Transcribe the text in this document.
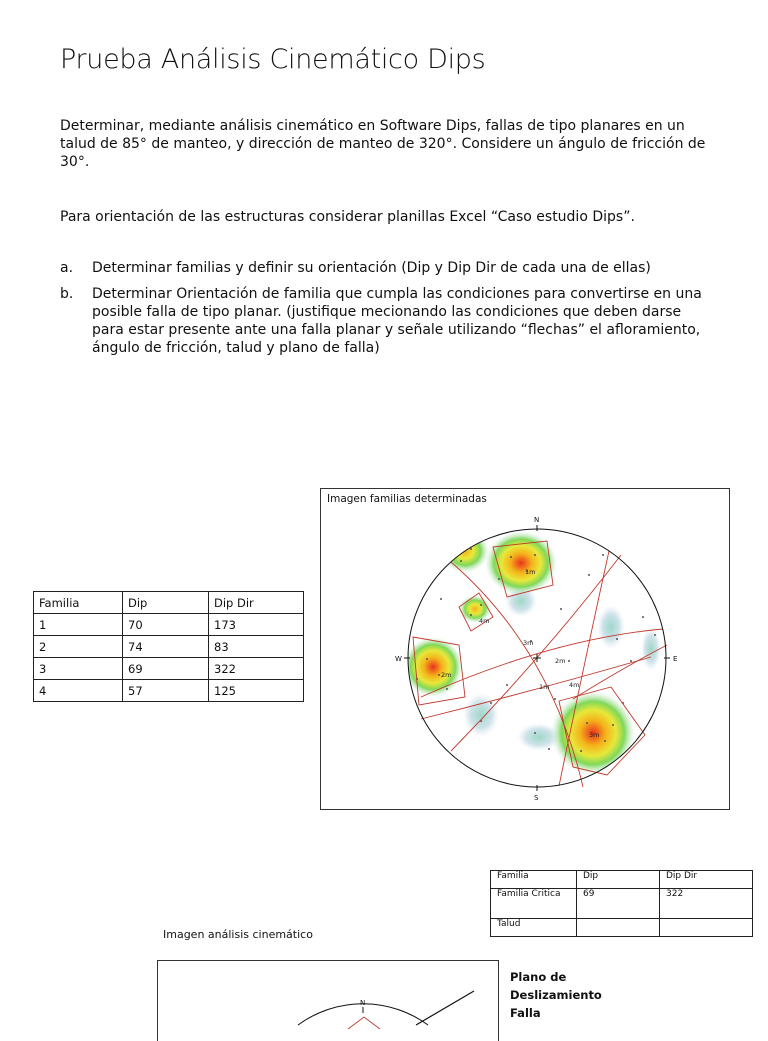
Prueba Análisis Cinemático Dips
Determinar, mediante análisis cinemático en Software Dips, fallas de tipo planares en un talud de 85° de manteo, y dirección de manteo de 320°. Considere un ángulo de fricción de 30°.
Para orientación de las estructuras considerar planillas Excel “Caso estudio Dips”.
a.	Determinar familias y definir su orientación (Dip y Dip Dir de cada una de ellas)
b.	Determinar Orientación de familia que cumpla las condiciones para convertirse en una posible falla de tipo planar. (justifique mecionando las condiciones que deben darse para estar presente ante una falla planar y señale utilizando “flechas” el afloramiento, ángulo de fricción, talud y plano de falla)
Familia	Dip	Dip Dir
1	70	173
2	74	83
3	69	322
4	57	125
Imagen familias determinadas
N
S
E
W
1m
2m
3m
4m
1m
2m
3m
4m
Familia	Dip	Dip Dir
Familia Critica	69	322
Talud		
Imagen análisis cinemático
N
Plano de Deslizamiento Falla
